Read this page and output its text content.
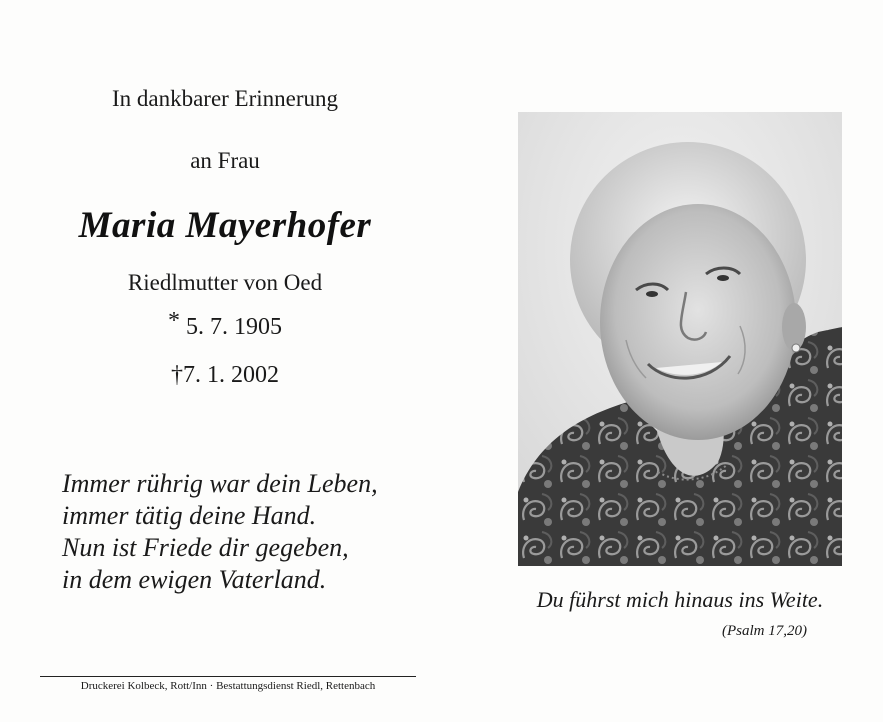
In dankbarer Erinnerung
an Frau
Maria Mayerhofer
Riedlmutter von Oed
* 5. 7. 1905
†7. 1. 2002
Immer rührig war dein Leben,
immer tätig deine Hand.
Nun ist Friede dir gegeben,
in dem ewigen Vaterland.
Druckerei Kolbeck, Rott/Inn · Bestattungsdienst Riedl, Rettenbach
Du führst mich hinaus ins Weite.
(Psalm 17,20)
